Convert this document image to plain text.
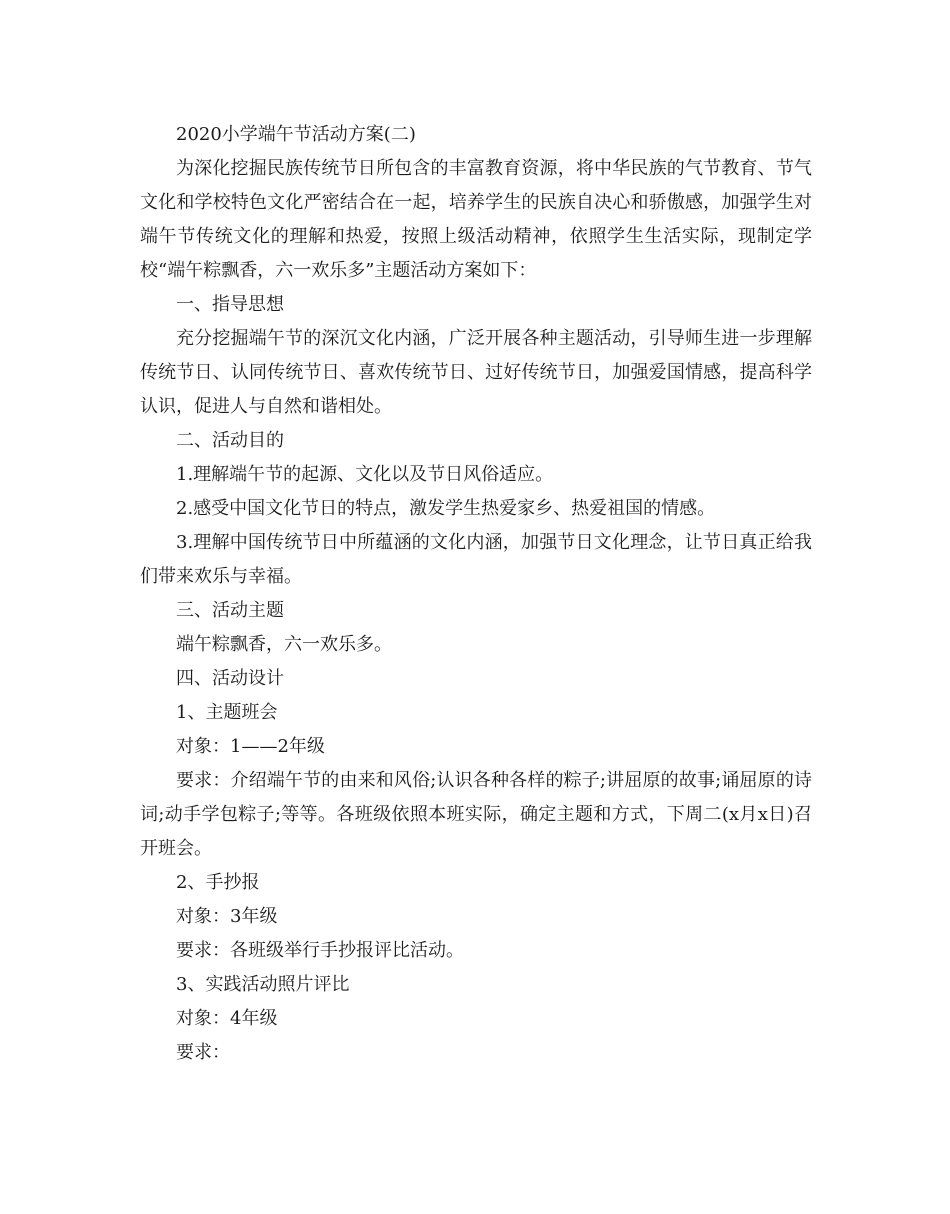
2020小学端午节活动方案(二)

为深化挖掘民族传统节日所包含的丰富教育资源，将中华民族的气节教育、节气文化和学校特色文化严密结合在一起，培养学生的民族自决心和骄傲感，加强学生对端午节传统文化的理解和热爱，按照上级活动精神，依照学生生活实际，现制定学校“端午粽飘香，六一欢乐多”主题活动方案如下：

一、指导思想

充分挖掘端午节的深沉文化内涵，广泛开展各种主题活动，引导师生进一步理解传统节日、认同传统节日、喜欢传统节日、过好传统节日，加强爱国情感，提高科学认识，促进人与自然和谐相处。

二、活动目的

1.理解端午节的起源、文化以及节日风俗适应。

2.感受中国文化节日的特点，激发学生热爱家乡、热爱祖国的情感。

3.理解中国传统节日中所蕴涵的文化内涵，加强节日文化理念，让节日真正给我们带来欢乐与幸福。

三、活动主题

端午粽飘香，六一欢乐多。

四、活动设计

1、主题班会

对象：1——2年级

要求：介绍端午节的由来和风俗;认识各种各样的粽子;讲屈原的故事;诵屈原的诗词;动手学包粽子;等等。各班级依照本班实际，确定主题和方式，下周二(x月x日)召开班会。

2、手抄报

对象：3年级

要求：各班级举行手抄报评比活动。

3、实践活动照片评比

对象：4年级

要求：
